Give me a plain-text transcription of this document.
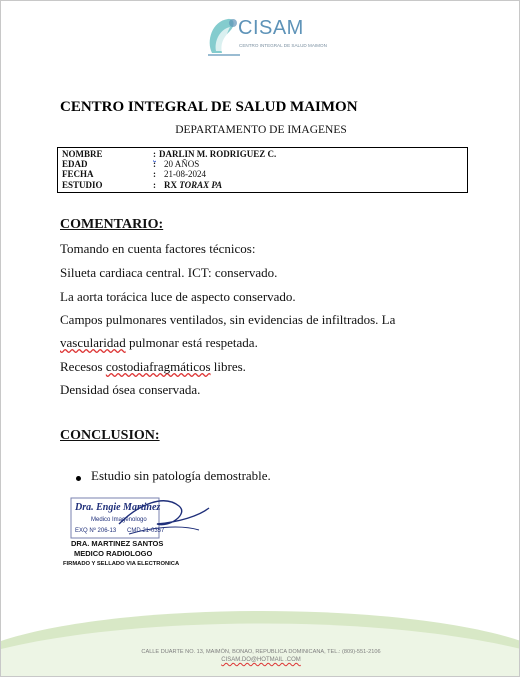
CISAM
CENTRO INTEGRAL DE SALUD MAIMON
CENTRO INTEGRAL DE SALUD MAIMON
DEPARTAMENTO DE IMAGENES
NOMBRE	: DARLIN M. RODRIGUEZ C.
EDAD	: 20 AÑOS
FECHA	: 21-08-2024
ESTUDIO	: RX TORAX PA
COMENTARIO:
Tomando en cuenta factores técnicos:
Silueta cardiaca central. ICT: conservado.
La aorta torácica luce de aspecto conservado.
Campos pulmonares ventilados, sin evidencias de infiltrados. La
vascularidad pulmonar está respetada.
Recesos costodiafragmáticos libres.
Densidad ósea conservada.
CONCLUSION:
Estudio sin patología demostrable.
Dra. Engie Martinez
Medico Imagenologo
EXQ Nº 206-13 CMD 21-0357
DRA. MARTINEZ SANTOS
MEDICO RADIOLOGO
FIRMADO Y SELLADO VIA ELECTRONICA
CALLE DUARTE NO. 13, MAIMÓN, BONAO, REPUBLICA DOMINICANA, TEL.: (809)-551-2106
CISAM.DO@HOTMAIL .COM
